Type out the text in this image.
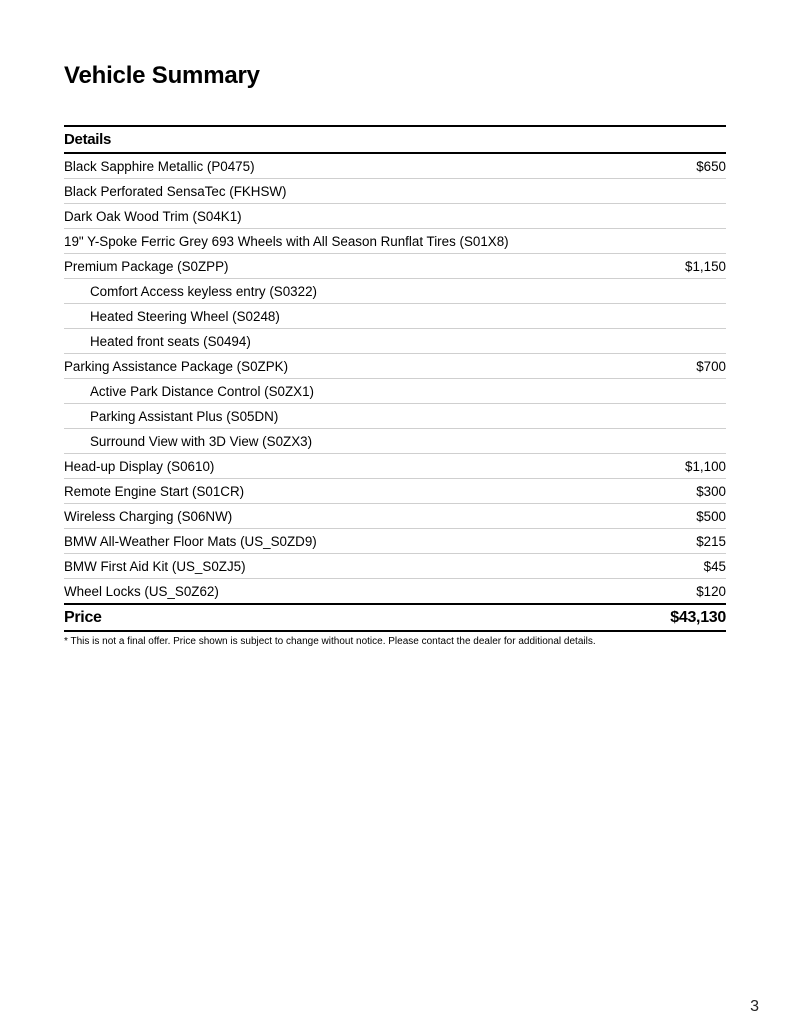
Vehicle Summary
Details
Black Sapphire Metallic (P0475)	$650
Black Perforated SensaTec (FKHSW)
Dark Oak Wood Trim (S04K1)
19" Y-Spoke Ferric Grey 693 Wheels with All Season Runflat Tires (S01X8)
Premium Package (S0ZPP)	$1,150
Comfort Access keyless entry (S0322)
Heated Steering Wheel (S0248)
Heated front seats (S0494)
Parking Assistance Package (S0ZPK)	$700
Active Park Distance Control (S0ZX1)
Parking Assistant Plus (S05DN)
Surround View with 3D View (S0ZX3)
Head-up Display (S0610)	$1,100
Remote Engine Start (S01CR)	$300
Wireless Charging (S06NW)	$500
BMW All-Weather Floor Mats (US_S0ZD9)	$215
BMW First Aid Kit (US_S0ZJ5)	$45
Wheel Locks (US_S0Z62)	$120
Price	$43,130
* This is not a final offer. Price shown is subject to change without notice. Please contact the dealer for additional details.
3
